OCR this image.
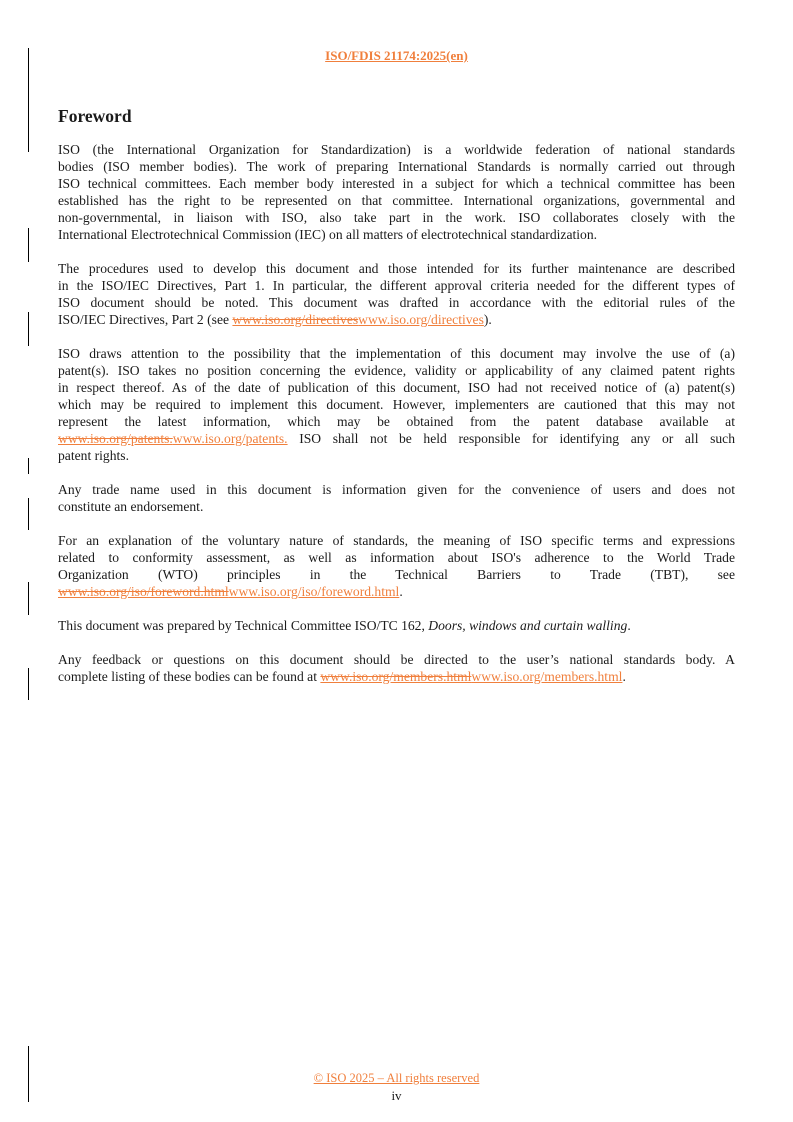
ISO/FDIS 21174:2025(en)
Foreword
ISO (the International Organization for Standardization) is a worldwide federation of national standards
bodies (ISO member bodies). The work of preparing International Standards is normally carried out through
ISO technical committees. Each member body interested in a subject for which a technical committee has been
established has the right to be represented on that committee. International organizations, governmental and
non-governmental, in liaison with ISO, also take part in the work. ISO collaborates closely with the
International Electrotechnical Commission (IEC) on all matters of electrotechnical standardization.
The procedures used to develop this document and those intended for its further maintenance are described
in the ISO/IEC Directives, Part 1. In particular, the different approval criteria needed for the different types of
ISO document should be noted. This document was drafted in accordance with the editorial rules of the
ISO/IEC Directives, Part 2 (see www.iso.org/directiveswww.iso.org/directives).
ISO draws attention to the possibility that the implementation of this document may involve the use of (a)
patent(s). ISO takes no position concerning the evidence, validity or applicability of any claimed patent rights
in respect thereof. As of the date of publication of this document, ISO had not received notice of (a) patent(s)
which may be required to implement this document. However, implementers are cautioned that this may not
represent the latest information, which may be obtained from the patent database available at
www.iso.org/patents.www.iso.org/patents. ISO shall not be held responsible for identifying any or all such
patent rights.
Any trade name used in this document is information given for the convenience of users and does not
constitute an endorsement.
For an explanation of the voluntary nature of standards, the meaning of ISO specific terms and expressions
related to conformity assessment, as well as information about ISO's adherence to the World Trade
Organization (WTO) principles in the Technical Barriers to Trade (TBT), see
www.iso.org/iso/foreword.htmlwww.iso.org/iso/foreword.html.
This document was prepared by Technical Committee ISO/TC 162, Doors, windows and curtain walling.
Any feedback or questions on this document should be directed to the user’s national standards body. A
complete listing of these bodies can be found at www.iso.org/members.htmlwww.iso.org/members.html.
© ISO 2025 – All rights reserved
iv
